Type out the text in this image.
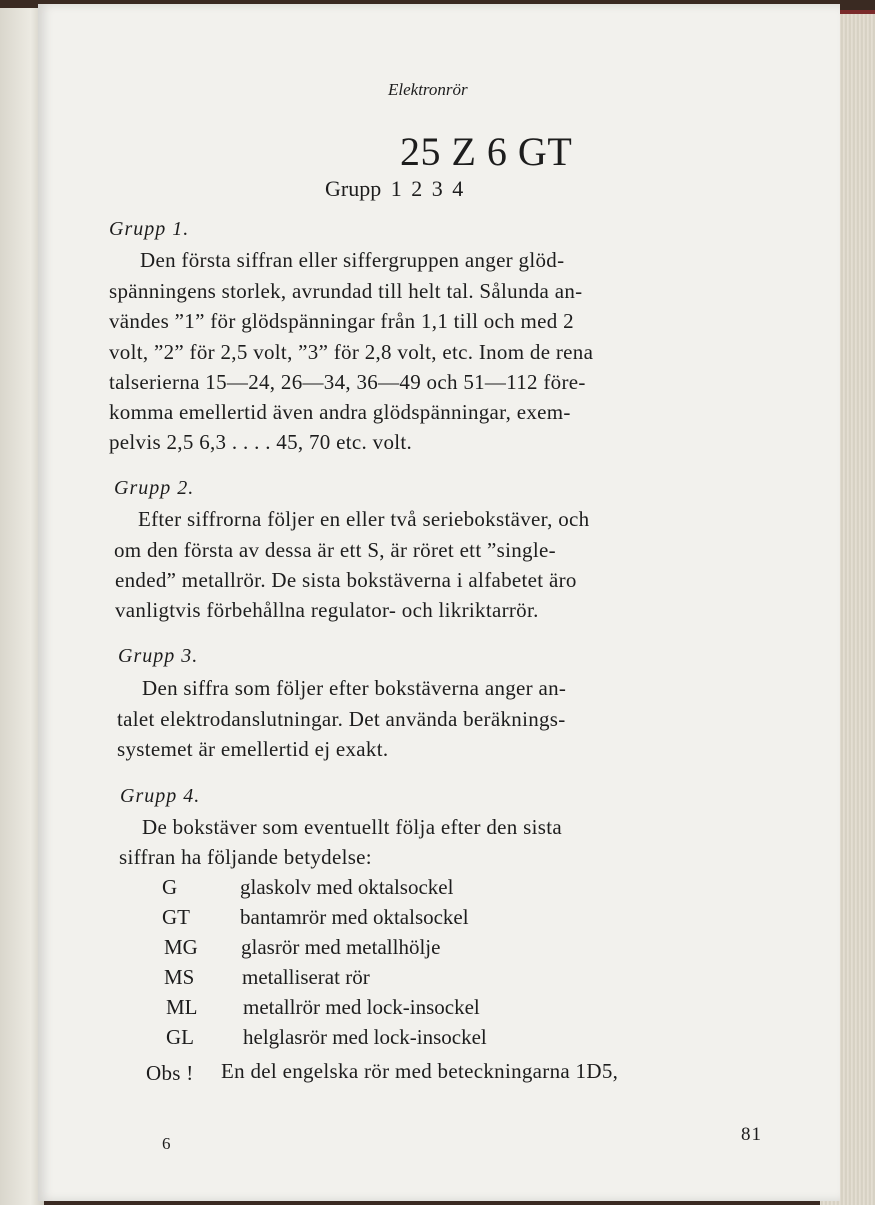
Elektronrör
25 Z 6 GT
Grupp 1 2 3 4
Grupp 1.
Den första siffran eller siffergruppen anger glöd-
spänningens storlek, avrundad till helt tal. Sålunda an-
vändes ”1” för glödspänningar från 1,1 till och med 2
volt, ”2” för 2,5 volt, ”3” för 2,8 volt, etc. Inom de rena
talserierna 15—24, 26—34, 36—49 och 51—112 före-
komma emellertid även andra glödspänningar, exem-
pelvis 2,5 6,3 . . . . 45, 70 etc. volt.
Grupp 2.
Efter siffrorna följer en eller två seriebokstäver, och
om den första av dessa är ett S, är röret ett ”single-
ended” metallrör. De sista bokstäverna i alfabetet äro
vanligtvis förbehållna regulator- och likriktarrör.
Grupp 3.
Den siffra som följer efter bokstäverna anger an-
talet elektrodanslutningar. Det använda beräknings-
systemet är emellertid ej exakt.
Grupp 4.
De bokstäver som eventuellt följa efter den sista
siffran ha följande betydelse:
G	glaskolv med oktalsockel
GT	bantamrör med oktalsockel
MG	glasrör med metallhölje
MS	metalliserat rör
ML	metallrör med lock-insockel
GL	helglasrör med lock-insockel
Obs ! En del engelska rör med beteckningarna 1D5,
6	81
